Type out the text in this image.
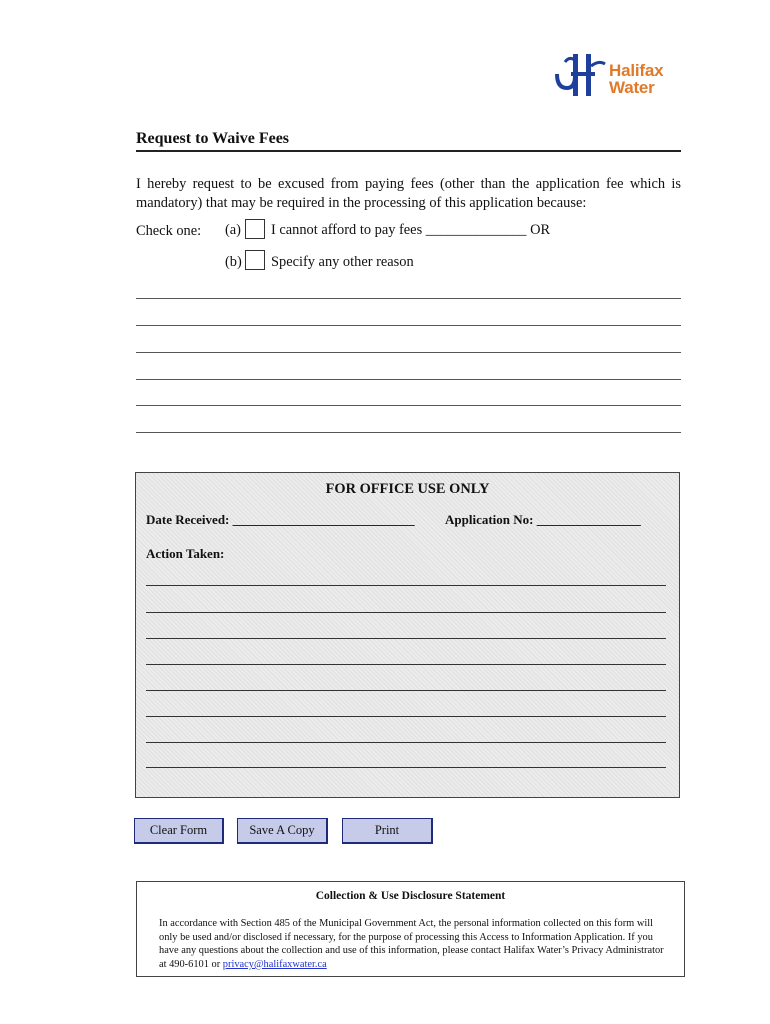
Halifax
Water
Request to Waive Fees
I hereby request to be excused from paying fees (other than the application fee which is mandatory) that may be required in the processing of this application because:
Check one: (a) I cannot afford to pay fees ______________ OR
(b) Specify any other reason
FOR OFFICE USE ONLY
Date Received: ____________________________ Application No: ________________
Action Taken:
Clear Form	Save A Copy	Print
Collection & Use Disclosure Statement
In accordance with Section 485 of the Municipal Government Act, the personal information collected on this form will only be used and/or disclosed if necessary, for the purpose of processing this Access to Information Application. If you have any questions about the collection and use of this information, please contact Halifax Water’s Privacy Administrator at 490-6101 or privacy@halifaxwater.ca
